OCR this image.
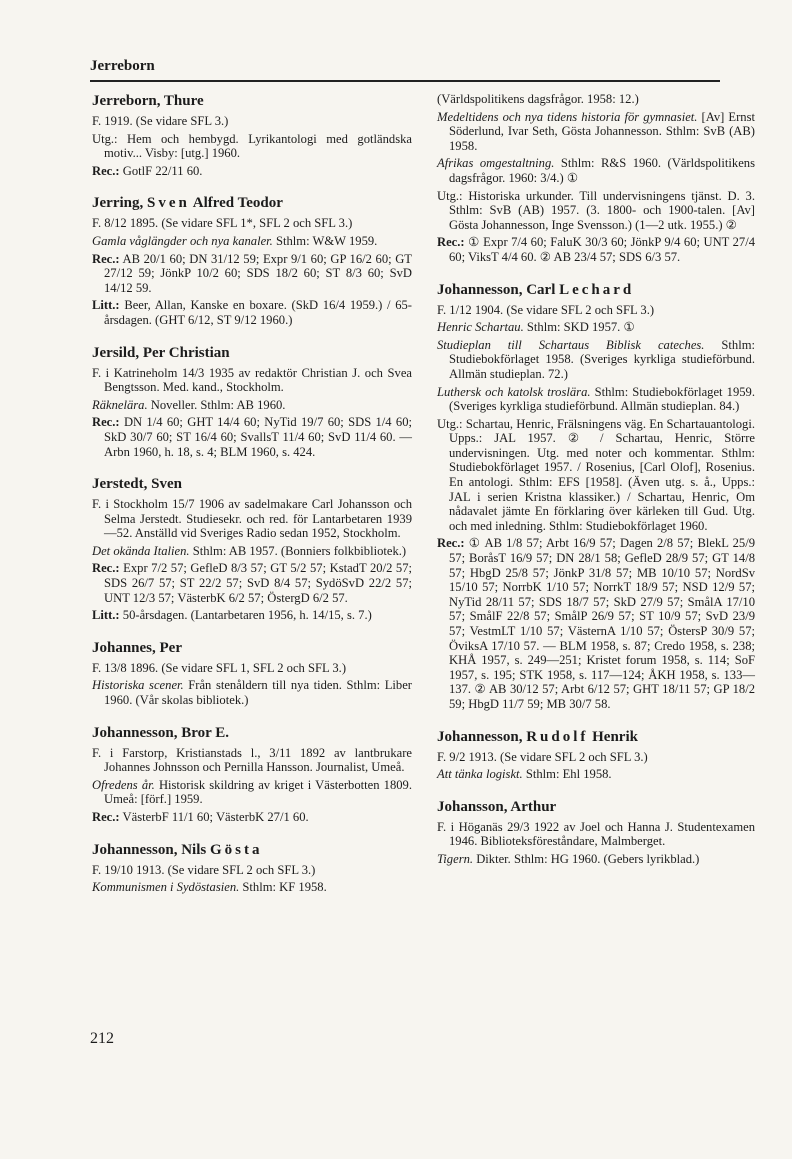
Jerreborn
Jerreborn, Thure

F. 1919. (Se vidare SFL 3.)

Utg.: Hem och hembygd. Lyrikantologi med gotländska motiv... Visby: [utg.] 1960.

Rec.: GotlF 22/11 60.

Jerring, Sven Alfred Teodor

F. 8/12 1895. (Se vidare SFL 1*, SFL 2 och SFL 3.)

Gamla våglängder och nya kanaler. Sthlm: W&W 1959.

Rec.: AB 20/1 60; DN 31/12 59; Expr 9/1 60; GP 16/2 60; GT 27/12 59; JönkP 10/2 60; SDS 18/2 60; ST 8/3 60; SvD 14/12 59.

Litt.: Beer, Allan, Kanske en boxare. (SkD 16/4 1959.) / 65-årsdagen. (GHT 6/12, ST 9/12 1960.)

Jersild, Per Christian

F. i Katrineholm 14/3 1935 av redaktör Christian J. och Svea Bengtsson. Med. kand., Stockholm.

Räknelära. Noveller. Sthlm: AB 1960.

Rec.: DN 1/4 60; GHT 14/4 60; NyTid 19/7 60; SDS 1/4 60; SkD 30/7 60; ST 16/4 60; SvallsT 11/4 60; SvD 11/4 60. — Arbn 1960, h. 18, s. 4; BLM 1960, s. 424.

Jerstedt, Sven

F. i Stockholm 15/7 1906 av sadelmakare Carl Johansson och Selma Jerstedt. Studiesekr. och red. för Lantarbetaren 1939—52. Anställd vid Sveriges Radio sedan 1952, Stockholm.

Det okända Italien. Sthlm: AB 1957. (Bonniers folkbibliotek.)

Rec.: Expr 7/2 57; GefleD 8/3 57; GT 5/2 57; KstadT 20/2 57; SDS 26/7 57; ST 22/2 57; SvD 8/4 57; SydöSvD 22/2 57; UNT 12/3 57; VästerbK 6/2 57; ÖstergD 6/2 57.

Litt.: 50-årsdagen. (Lantarbetaren 1956, h. 14/15, s. 7.)

Johannes, Per

F. 13/8 1896. (Se vidare SFL 1, SFL 2 och SFL 3.)

Historiska scener. Från stenåldern till nya tiden. Sthlm: Liber 1960. (Vår skolas bibliotek.)

Johannesson, Bror E.

F. i Farstorp, Kristianstads l., 3/11 1892 av lantbrukare Johannes Johnsson och Pernilla Hansson. Journalist, Umeå.

Ofredens år. Historisk skildring av kriget i Västerbotten 1809. Umeå: [förf.] 1959.

Rec.: VästerbF 11/1 60; VästerbK 27/1 60.

Johannesson, Nils Gösta

F. 19/10 1913. (Se vidare SFL 2 och SFL 3.)

Kommunismen i Sydöstasien. Sthlm: KF 1958.

(Världspolitikens dagsfrågor. 1958: 12.)

Medeltidens och nya tidens historia för gymnasiet. [Av] Ernst Söderlund, Ivar Seth, Gösta Johannesson. Sthlm: SvB (AB) 1958.

Afrikas omgestaltning. Sthlm: R&S 1960. (Världspolitikens dagsfrågor. 1960: 3/4.) ①

Utg.: Historiska urkunder. Till undervisningens tjänst. D. 3. Sthlm: SvB (AB) 1957. (3. 1800- och 1900-talen. [Av] Gösta Johannesson, Inge Svensson.) (1—2 utk. 1955.) ②

Rec.: ① Expr 7/4 60; FaluK 30/3 60; JönkP 9/4 60; UNT 27/4 60; ViksT 4/4 60. ② AB 23/4 57; SDS 6/3 57.

Johannesson, Carl Lechard

F. 1/12 1904. (Se vidare SFL 2 och SFL 3.)

Henric Schartau. Sthlm: SKD 1957. ①

Studieplan till Schartaus Biblisk cateches. Sthlm: Studiebokförlaget 1958. (Sveriges kyrkliga studieförbund. Allmän studieplan. 72.)

Luthersk och katolsk troslära. Sthlm: Studiebokförlaget 1959. (Sveriges kyrkliga studieförbund. Allmän studieplan. 84.)

Utg.: Schartau, Henric, Frälsningens väg. En Schartauantologi. Upps.: JAL 1957. ② / Schartau, Henric, Större undervisningen. Utg. med noter och kommentar. Sthlm: Studiebokförlaget 1957. / Rosenius, [Carl Olof], Rosenius. En antologi. Sthlm: EFS [1958]. (Även utg. s. å., Upps.: JAL i serien Kristna klassiker.) / Schartau, Henric, Om nådavalet jämte En förklaring över kärleken till Gud. Utg. och med inledning. Sthlm: Studiebokförlaget 1960.

Rec.: ① AB 1/8 57; Arbt 16/9 57; Dagen 2/8 57; BlekL 25/9 57; BoråsT 16/9 57; DN 28/1 58; GefleD 28/9 57; GT 14/8 57; HbgD 25/8 57; JönkP 31/8 57; MB 10/10 57; NordSv 15/10 57; NorrbK 1/10 57; NorrkT 18/9 57; NSD 12/9 57; NyTid 28/11 57; SDS 18/7 57; SkD 27/9 57; SmålA 17/10 57; SmålF 22/8 57; SmålP 26/9 57; ST 10/9 57; SvD 23/9 57; VestmLT 1/10 57; VästernA 1/10 57; ÖstersP 30/9 57; ÖviksA 17/10 57. — BLM 1958, s. 87; Credo 1958, s. 238; KHÅ 1957, s. 249—251; Kristet forum 1958, s. 114; SoF 1957, s. 195; STK 1958, s. 117—124; ÅKH 1958, s. 133—137. ② AB 30/12 57; Arbt 6/12 57; GHT 18/11 57; GP 18/2 59; HbgD 11/7 59; MB 30/7 58.

Johannesson, Rudolf Henrik

F. 9/2 1913. (Se vidare SFL 2 och SFL 3.)

Att tänka logiskt. Sthlm: Ehl 1958.

Johansson, Arthur

F. i Höganäs 29/3 1922 av Joel och Hanna J. Studentexamen 1946. Biblioteksföreståndare, Malmberget.

Tigern. Dikter. Sthlm: HG 1960. (Gebers lyrikblad.)

212
